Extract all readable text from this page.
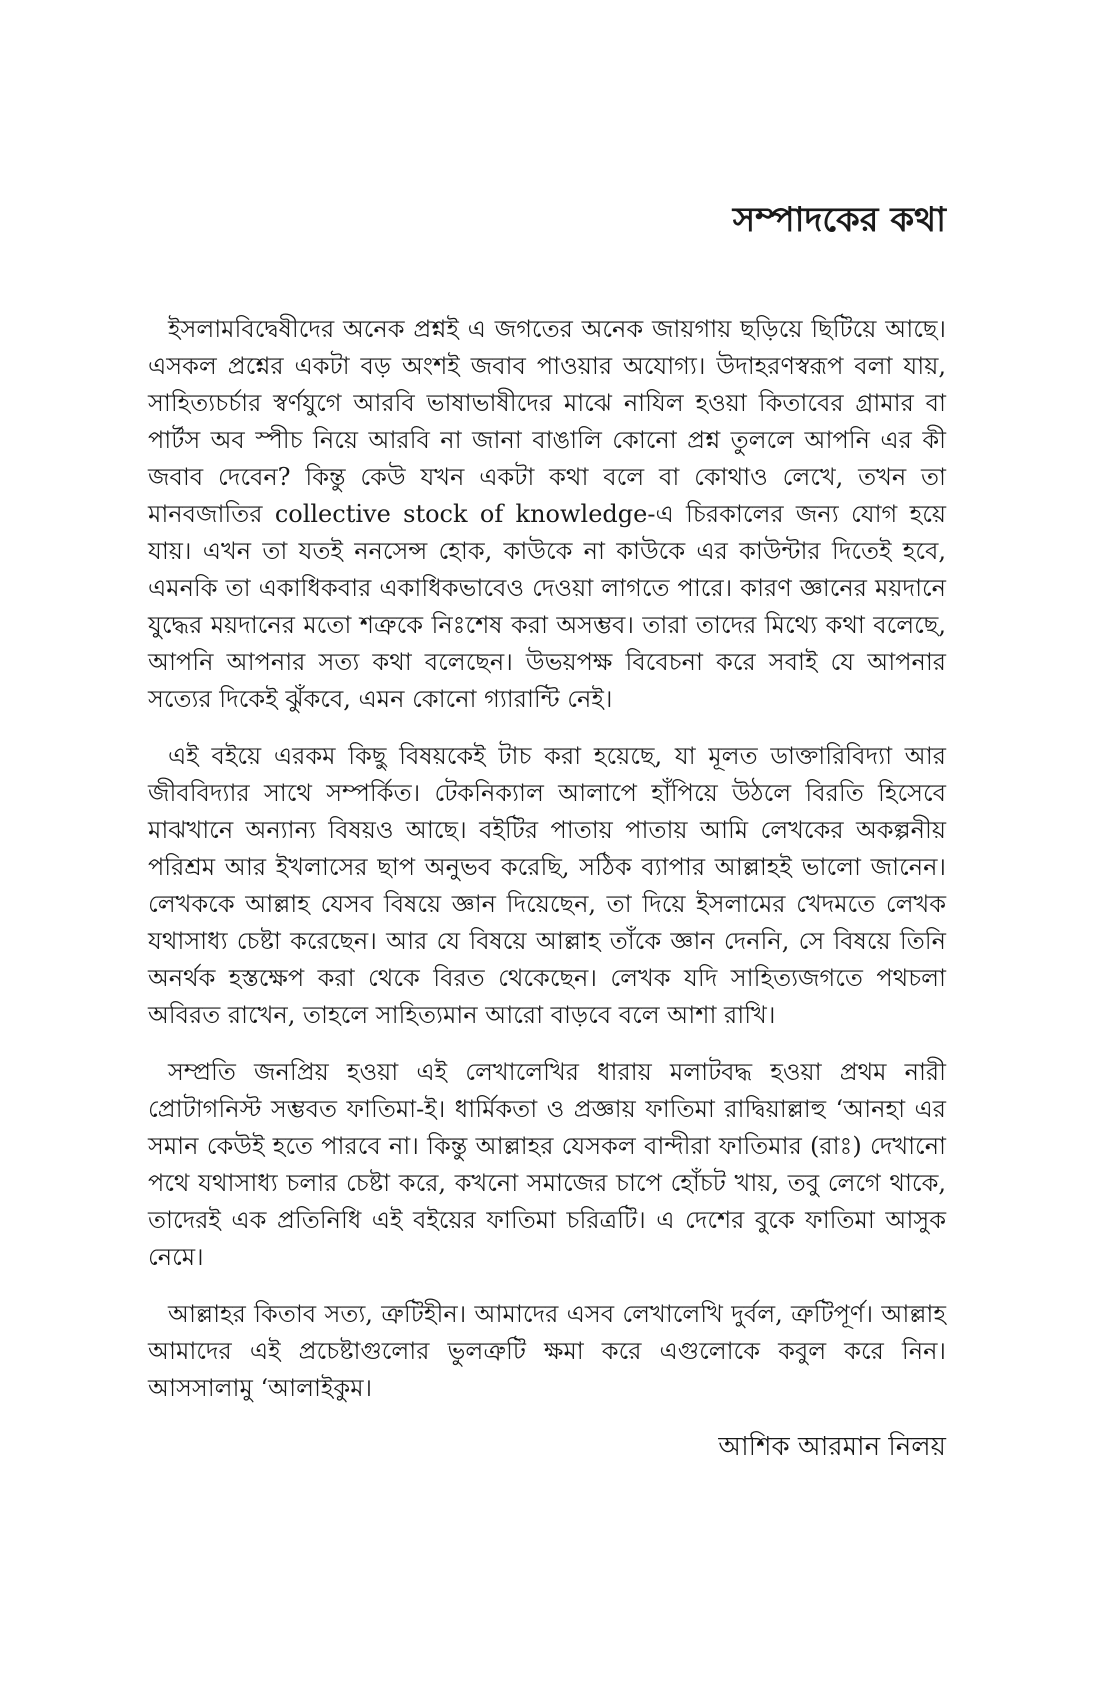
সম্পাদকের কথা

ইসলামবিদ্বেষীদের অনেক প্রশ্নই এ জগতের অনেক জায়গায় ছড়িয়ে ছিটিয়ে আছে। এসকল প্রশ্নের একটা বড় অংশই জবাব পাওয়ার অযোগ্য। উদাহরণস্বরূপ বলা যায়, সাহিত্যচর্চার স্বর্ণযুগে আরবি ভাষাভাষীদের মাঝে নাযিল হওয়া কিতাবের গ্রামার বা পার্টস অব স্পীচ নিয়ে আরবি না জানা বাঙালি কোনো প্রশ্ন তুললে আপনি এর কী জবাব দেবেন? কিন্তু কেউ যখন একটা কথা বলে বা কোথাও লেখে, তখন তা মানবজাতির collective stock of knowledge-এ চিরকালের জন্য যোগ হয়ে যায়। এখন তা যতই ননসেন্স হোক, কাউকে না কাউকে এর কাউন্টার দিতেই হবে, এমনকি তা একাধিকবার একাধিকভাবেও দেওয়া লাগতে পারে। কারণ জ্ঞানের ময়দানে যুদ্ধের ময়দানের মতো শত্রুকে নিঃশেষ করা অসম্ভব। তারা তাদের মিথ্যে কথা বলেছে, আপনি আপনার সত্য কথা বলেছেন। উভয়পক্ষ বিবেচনা করে সবাই যে আপনার সত্যের দিকেই ঝুঁকবে, এমন কোনো গ্যারান্টি নেই।

এই বইয়ে এরকম কিছু বিষয়কেই টাচ করা হয়েছে, যা মূলত ডাক্তারিবিদ্যা আর জীববিদ্যার সাথে সম্পর্কিত। টেকনিক্যাল আলাপে হাঁপিয়ে উঠলে বিরতি হিসেবে মাঝখানে অন্যান্য বিষয়ও আছে। বইটির পাতায় পাতায় আমি লেখকের অকল্পনীয় পরিশ্রম আর ইখলাসের ছাপ অনুভব করেছি, সঠিক ব্যাপার আল্লাহই ভালো জানেন। লেখককে আল্লাহ যেসব বিষয়ে জ্ঞান দিয়েছেন, তা দিয়ে ইসলামের খেদমতে লেখক যথাসাধ্য চেষ্টা করেছেন। আর যে বিষয়ে আল্লাহ তাঁকে জ্ঞান দেননি, সে বিষয়ে তিনি অনর্থক হস্তক্ষেপ করা থেকে বিরত থেকেছেন। লেখক যদি সাহিত্যজগতে পথচলা অবিরত রাখেন, তাহলে সাহিত্যমান আরো বাড়বে বলে আশা রাখি।

সম্প্রতি জনপ্রিয় হওয়া এই লেখালেখির ধারায় মলাটবদ্ধ হওয়া প্রথম নারী প্রোটাগনিস্ট সম্ভবত ফাতিমা-ই। ধার্মিকতা ও প্রজ্ঞায় ফাতিমা রাদ্বিয়াল্লাহু ‘আনহা এর সমান কেউই হতে পারবে না। কিন্তু আল্লাহর যেসকল বান্দীরা ফাতিমার (রাঃ) দেখানো পথে যথাসাধ্য চলার চেষ্টা করে, কখনো সমাজের চাপে হোঁচট খায়, তবু লেগে থাকে, তাদেরই এক প্রতিনিধি এই বইয়ের ফাতিমা চরিত্রটি। এ দেশের বুকে ফাতিমা আসুক নেমে।

আল্লাহর কিতাব সত্য, ত্রুটিহীন। আমাদের এসব লেখালেখি দুর্বল, ত্রুটিপূর্ণ। আল্লাহ আমাদের এই প্রচেষ্টাগুলোর ভুলত্রুটি ক্ষমা করে এগুলোকে কবুল করে নিন। আসসালামু ‘আলাইকুম।

আশিক আরমান নিলয়
